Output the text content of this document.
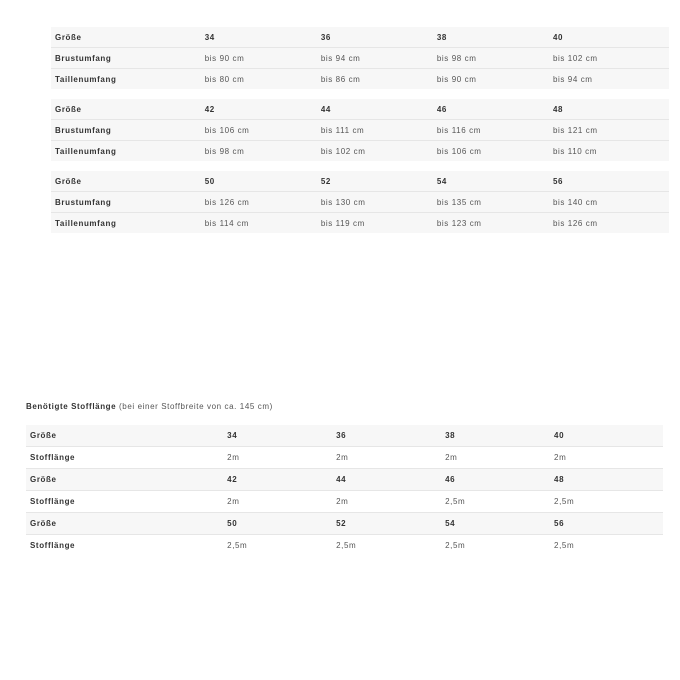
Größe	34	36	38	40
Brustumfang	bis 90 cm	bis 94 cm	bis 98 cm	bis 102 cm
Taillenumfang	bis 80 cm	bis 86 cm	bis 90 cm	bis 94 cm
Größe	42	44	46	48
Brustumfang	bis 106 cm	bis 111 cm	bis 116 cm	bis 121 cm
Taillenumfang	bis 98 cm	bis 102 cm	bis 106 cm	bis 110 cm
Größe	50	52	54	56
Brustumfang	bis 126 cm	bis 130 cm	bis 135 cm	bis 140 cm
Taillenumfang	bis 114 cm	bis 119 cm	bis 123 cm	bis 126 cm
Benötigte Stofflänge (bei einer Stoffbreite von ca. 145 cm)
Größe	34	36	38	40
Stofflänge	2m	2m	2m	2m
Größe	42	44	46	48
Stofflänge	2m	2m	2,5m	2,5m
Größe	50	52	54	56
Stofflänge	2,5m	2,5m	2,5m	2,5m
